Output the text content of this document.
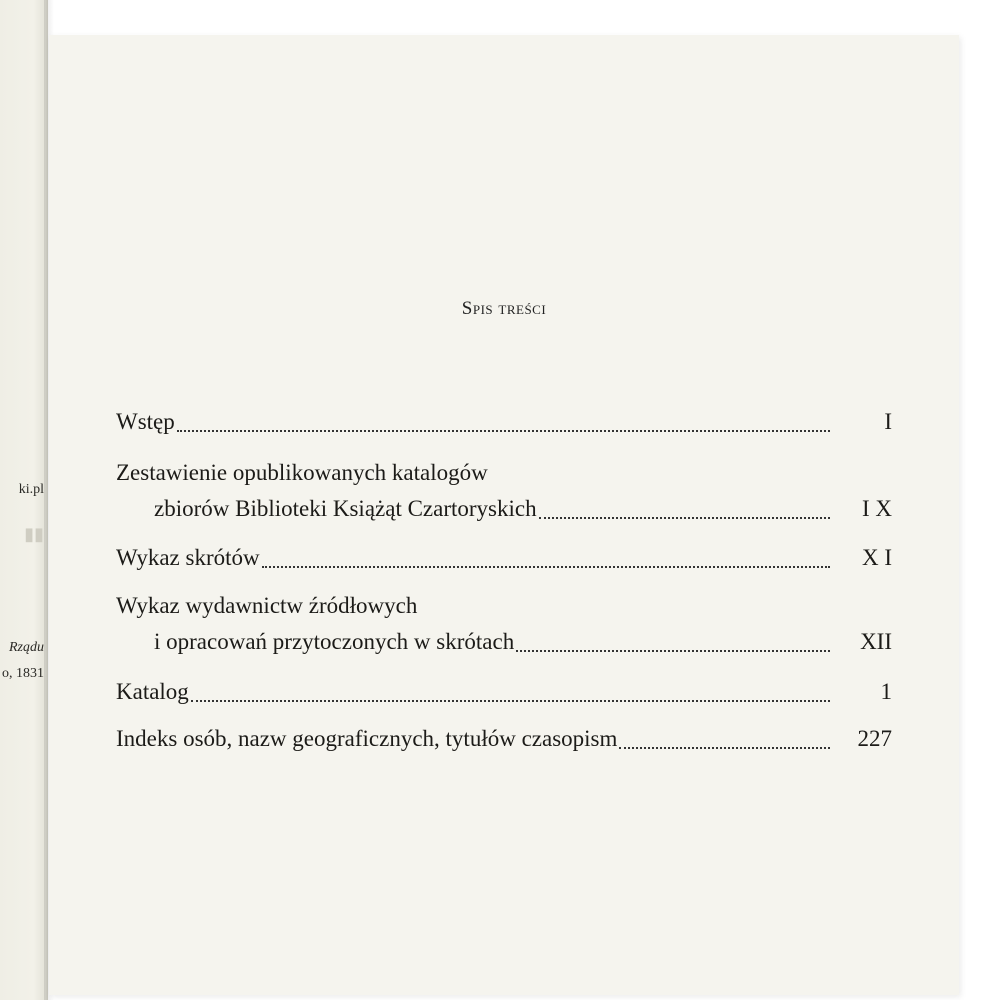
ki.pl
▮▮
Rządu
o, 1831
Spis treści
Wstęp	I
Zestawienie opublikowanych katalogów
zbiorów Biblioteki Książąt Czartoryskich	I X
Wykaz skrótów	X I
Wykaz wydawnictw źródłowych
i opracowań przytoczonych w skrótach	XII
Katalog	1
Indeks osób, nazw geograficznych, tytułów czasopism	227
